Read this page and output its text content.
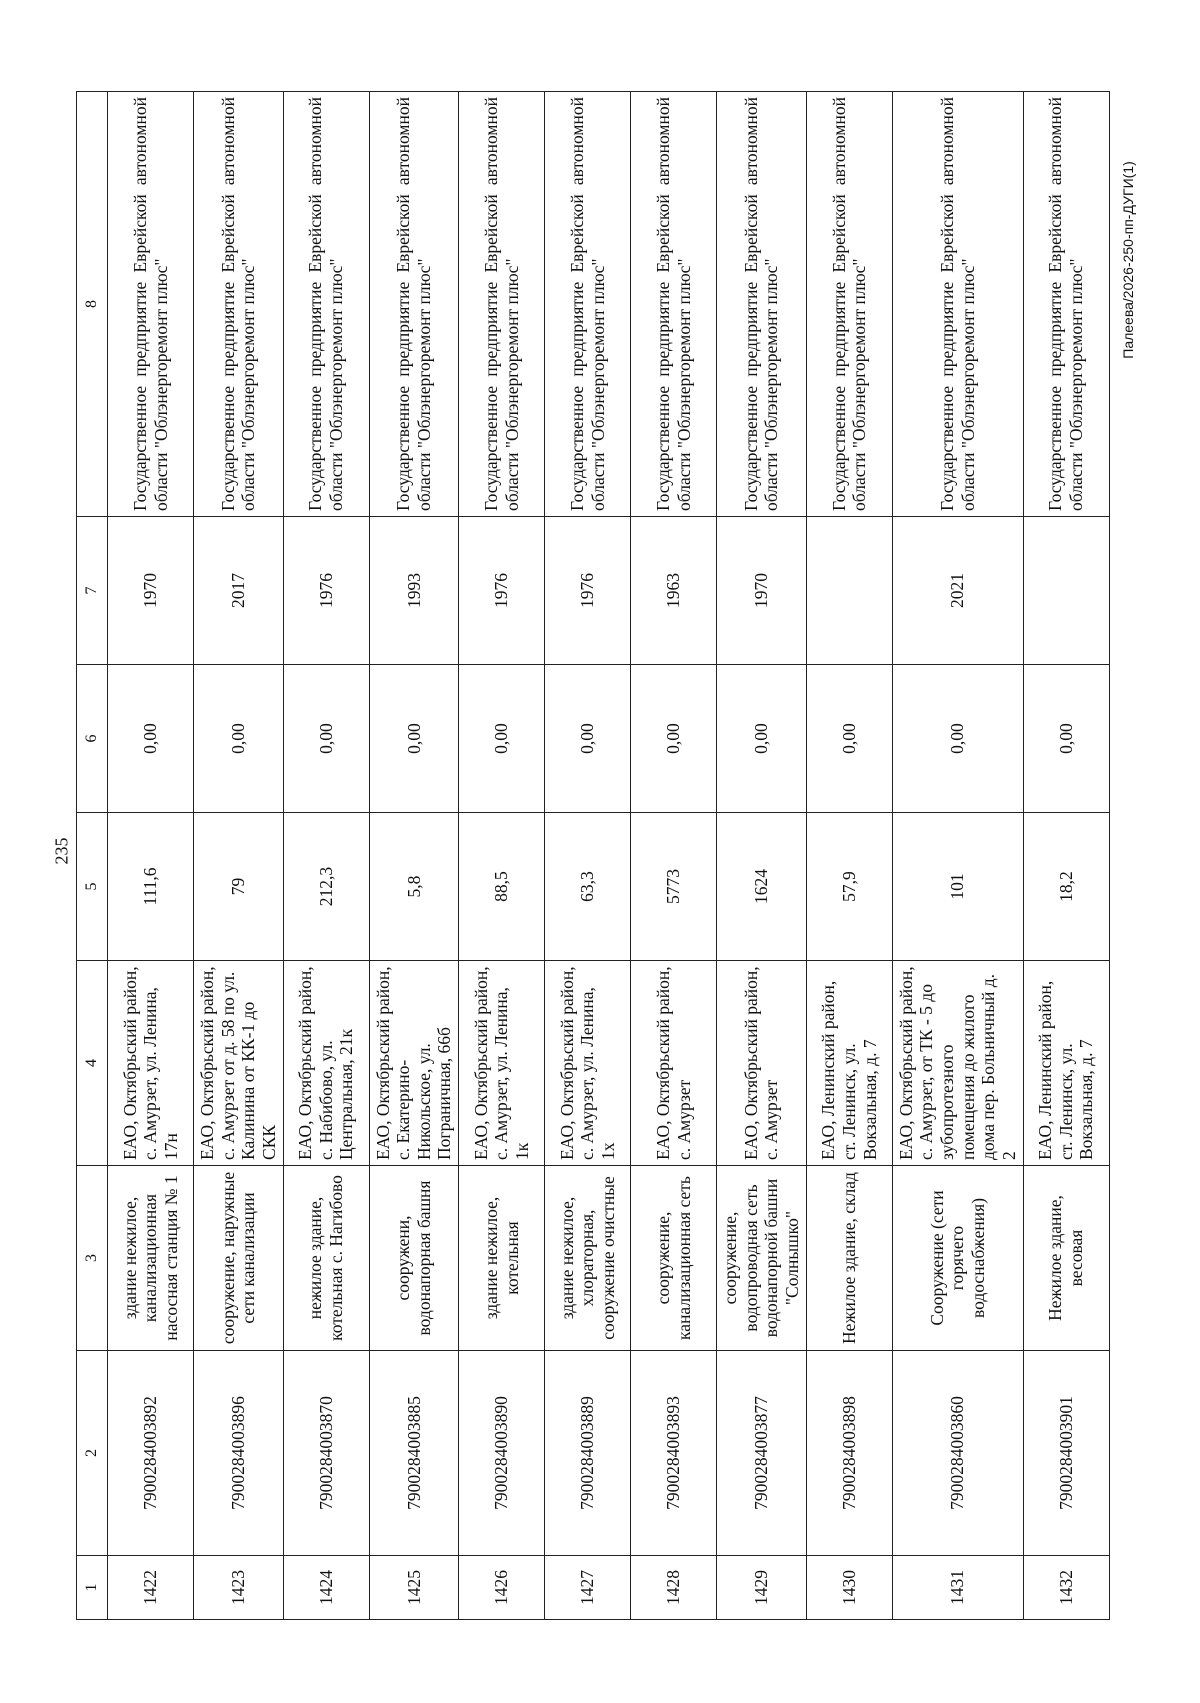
235
1	2	3	4	5	6	7	8
1422	7900284003892	здание нежилое, канализационная насосная станция № 1	ЕАО, Октябрьский район, с. Амурзет, ул. Ленина, 17н	111,6	0,00	1970	Государственное предприятие Еврейской автономной области "Облэнергоремонт плюс"
1423	7900284003896	сооружение, наружные сети канализации	ЕАО, Октябрьский район, с. Амурзет от д. 58 по ул. Калинина от КК-1 до СКК	79	0,00	2017	Государственное предприятие Еврейской автономной области "Облэнергоремонт плюс"
1424	7900284003870	нежилое здание, котельная с. Нагибово	ЕАО, Октябрьский район, с. Набибово, ул. Центральная, 21к	212,3	0,00	1976	Государственное предприятие Еврейской автономной области "Облэнергоремонт плюс"
1425	7900284003885	сооружени, водонапорная башня	ЕАО, Октябрьский район, с. Екатерино- Никольское, ул. Пограничная, 66б	5,8	0,00	1993	Государственное предприятие Еврейской автономной области "Облэнергоремонт плюс"
1426	7900284003890	здание нежилое, котельная	ЕАО, Октябрьский район, с. Амурзет, ул. Ленина, 1к	88,5	0,00	1976	Государственное предприятие Еврейской автономной области "Облэнергоремонт плюс"
1427	7900284003889	здание нежилое, хлораторная, сооружение очистные	ЕАО, Октябрьский район, с. Амурзет, ул. Ленина, 1х	63,3	0,00	1976	Государственное предприятие Еврейской автономной области "Облэнергоремонт плюс"
1428	7900284003893	сооружение, канализационная сеть	ЕАО, Октябрьский район, с. Амурзет	5773	0,00	1963	Государственное предприятие Еврейской автономной области "Облэнергоремонт плюс"
1429	7900284003877	сооружение, водопроводная сеть водонапорной башни "Солнышко"	ЕАО, Октябрьский район, с. Амурзет	1624	0,00	1970	Государственное предприятие Еврейской автономной области "Облэнергоремонт плюс"
1430	7900284003898	Нежилое здание, склад	ЕАО, Ленинский район, ст. Ленинск, ул. Вокзальная, д. 7	57,9	0,00		Государственное предприятие Еврейской автономной области "Облэнергоремонт плюс"
1431	7900284003860	Сооружение (сети горячего водоснабжения)	ЕАО, Октябрьский район, с. Амурзет, от ТК - 5 до зубопротезного помещения до жилого дома пер. Больничный д. 2	101	0,00	2021	Государственное предприятие Еврейской автономной области "Облэнергоремонт плюс"
1432	7900284003901	Нежилое здание, весовая	ЕАО, Ленинский район, ст. Ленинск, ул. Вокзальная, д. 7	18,2	0,00		Государственное предприятие Еврейской автономной области "Облэнергоремонт плюс" Палеева/2026-250-пп-ДУГИ(1)
